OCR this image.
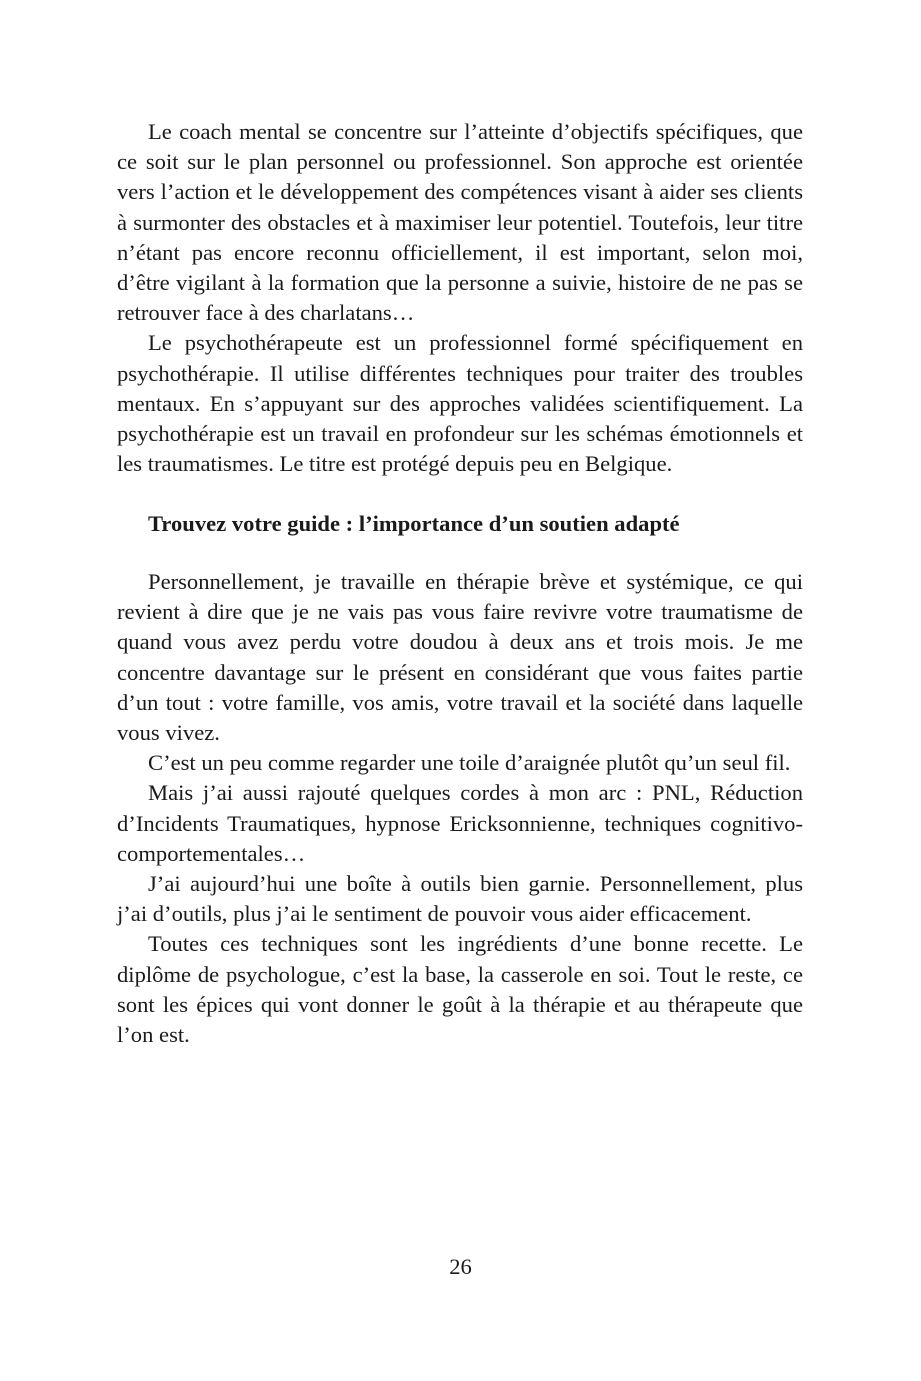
Le coach mental se concentre sur l’atteinte d’objectifs spécifiques, que ce soit sur le plan personnel ou professionnel. Son approche est orientée vers l’action et le développement des compétences visant à aider ses clients à surmonter des obstacles et à maximiser leur potentiel. Toutefois, leur titre n’étant pas encore reconnu officiellement, il est important, selon moi, d’être vigilant à la formation que la personne a suivie, histoire de ne pas se retrouver face à des charlatans…

Le psychothérapeute est un professionnel formé spécifiquement en psychothérapie. Il utilise différentes techniques pour traiter des troubles mentaux. En s’appuyant sur des approches validées scientifiquement. La psychothérapie est un travail en profondeur sur les schémas émotionnels et les traumatismes. Le titre est protégé depuis peu en Belgique.

Trouvez votre guide : l’importance d’un soutien adapté

Personnellement, je travaille en thérapie brève et systémique, ce qui revient à dire que je ne vais pas vous faire revivre votre traumatisme de quand vous avez perdu votre doudou à deux ans et trois mois. Je me concentre davantage sur le présent en considérant que vous faites partie d’un tout : votre famille, vos amis, votre travail et la société dans laquelle vous vivez.

C’est un peu comme regarder une toile d’araignée plutôt qu’un seul fil.

Mais j’ai aussi rajouté quelques cordes à mon arc : PNL, Réduction d’Incidents Traumatiques, hypnose Ericksonnienne, techniques cognitivo-comportementales…

J’ai aujourd’hui une boîte à outils bien garnie. Personnellement, plus j’ai d’outils, plus j’ai le sentiment de pouvoir vous aider efficacement.

Toutes ces techniques sont les ingrédients d’une bonne recette. Le diplôme de psychologue, c’est la base, la casserole en soi. Tout le reste, ce sont les épices qui vont donner le goût à la thérapie et au thérapeute que l’on est.

26
